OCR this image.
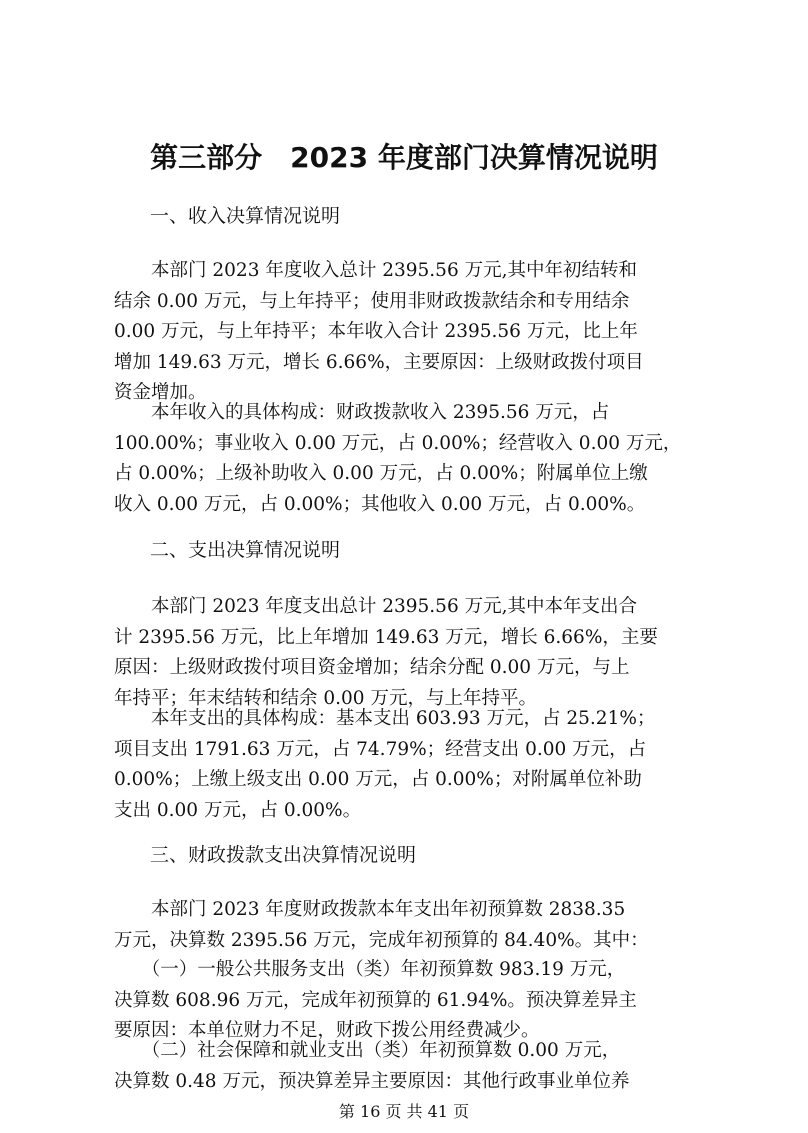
第三部分　2023 年度部门决算情况说明
一、收入决算情况说明
　　本部门 2023 年度收入总计 2395.56 万元,其中年初结转和
结余 0.00 万元，与上年持平；使用非财政拨款结余和专用结余
0.00 万元，与上年持平；本年收入合计 2395.56 万元，比上年
增加 149.63 万元，增长 6.66%，主要原因：上级财政拨付项目
资金增加。
　　本年收入的具体构成：财政拨款收入 2395.56 万元，占
100.00%；事业收入 0.00 万元，占 0.00%；经营收入 0.00 万元，
占 0.00%；上级补助收入 0.00 万元，占 0.00%；附属单位上缴
收入 0.00 万元，占 0.00%；其他收入 0.00 万元，占 0.00%。
二、支出决算情况说明
　　本部门 2023 年度支出总计 2395.56 万元,其中本年支出合
计 2395.56 万元，比上年增加 149.63 万元，增长 6.66%，主要
原因：上级财政拨付项目资金增加；结余分配 0.00 万元，与上
年持平；年末结转和结余 0.00 万元，与上年持平。
　　本年支出的具体构成：基本支出 603.93 万元，占 25.21%；
项目支出 1791.63 万元，占 74.79%；经营支出 0.00 万元，占
0.00%；上缴上级支出 0.00 万元，占 0.00%；对附属单位补助
支出 0.00 万元，占 0.00%。
三、财政拨款支出决算情况说明
　　本部门 2023 年度财政拨款本年支出年初预算数 2838.35
万元，决算数 2395.56 万元，完成年初预算的 84.40%。其中：
　　（一）一般公共服务支出（类）年初预算数 983.19 万元，
决算数 608.96 万元，完成年初预算的 61.94%。预决算差异主
要原因：本单位财力不足，财政下拨公用经费减少。
　　（二）社会保障和就业支出（类）年初预算数 0.00 万元，
决算数 0.48 万元，预决算差异主要原因：其他行政事业单位养
第 16 页 共 41 页
